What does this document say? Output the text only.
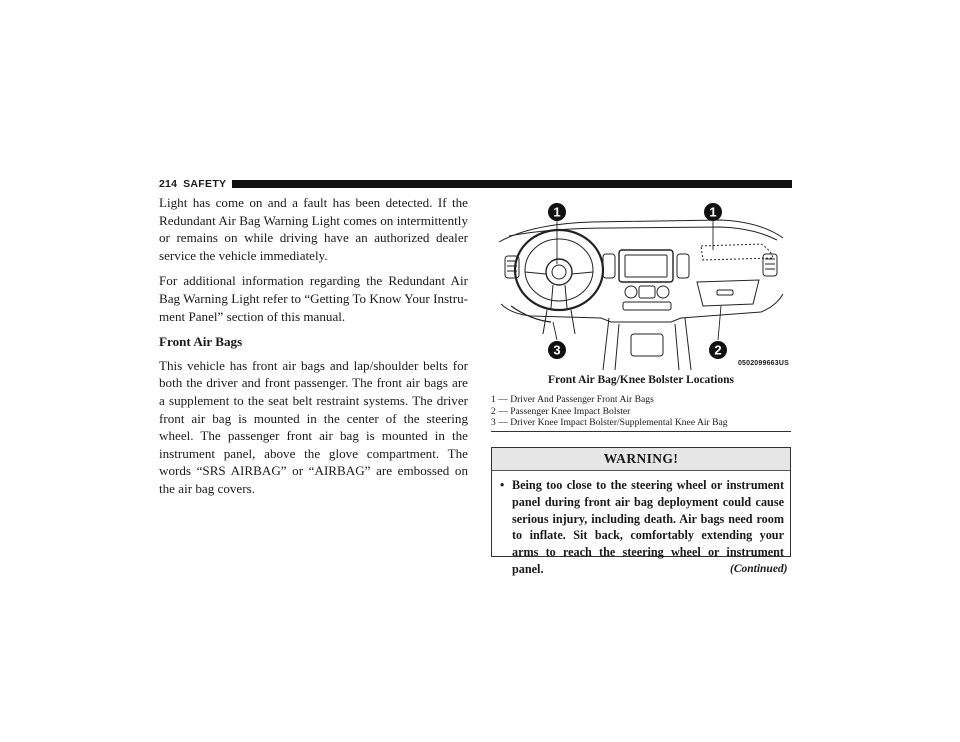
214 SAFETY

Light has come on and a fault has been detected. If the Redundant Air Bag Warning Light comes on intermittently or remains on while driving have an authorized dealer service the vehicle immediately.

For additional information regarding the Redundant Air Bag Warning Light refer to “Getting To Know Your Instru-ment Panel” section of this manual.

Front Air Bags

This vehicle has front air bags and lap/shoulder belts for both the driver and front passenger. The front air bags are a supplement to the seat belt restraint systems. The driver front air bag is mounted in the center of the steering wheel. The passenger front air bag is mounted in the instrument panel, above the glove compartment. The words “SRS AIRBAG” or “AIRBAG” are embossed on the air bag covers.

1	1
2
3
0502099663US
Front Air Bag/Knee Bolster Locations
1 — Driver And Passenger Front Air Bags
2 — Passenger Knee Impact Bolster
3 — Driver Knee Impact Bolster/Supplemental Knee Air Bag
WARNING!
• Being too close to the steering wheel or instrument panel during front air bag deployment could cause serious injury, including death. Air bags need room to inflate. Sit back, comfortably extending your arms to reach the steering wheel or instrument panel.	(Continued)
